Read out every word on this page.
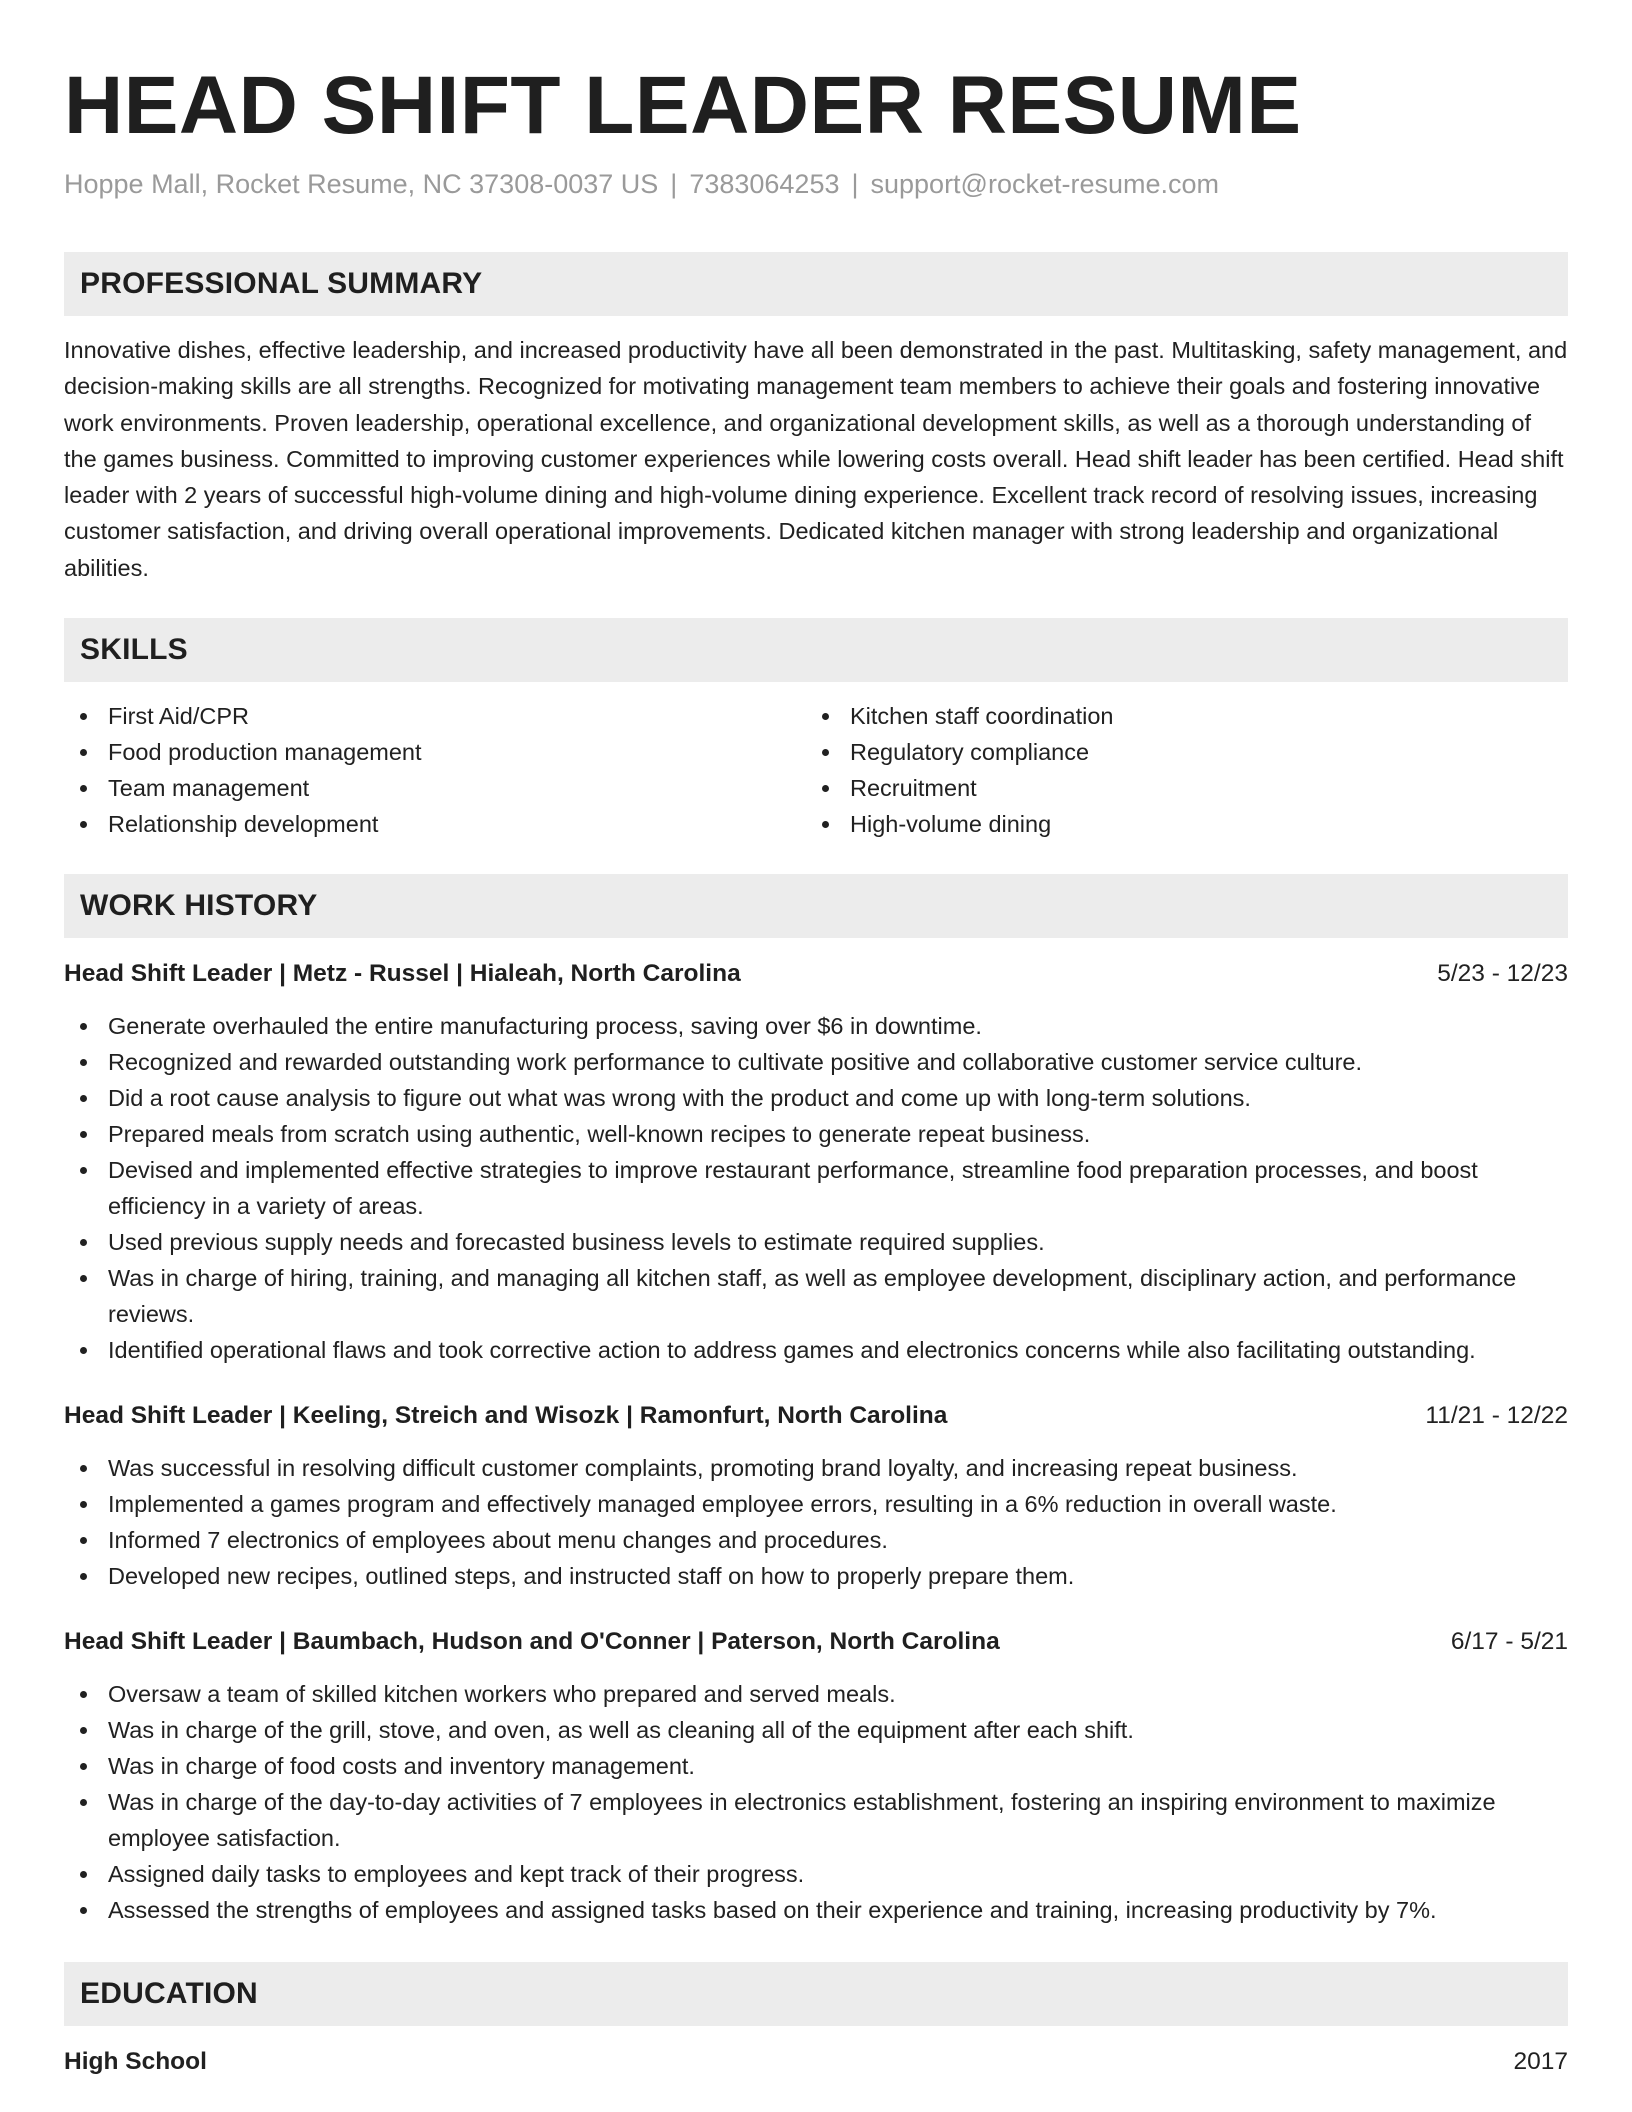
HEAD SHIFT LEADER RESUME
Hoppe Mall, Rocket Resume, NC 37308-0037 US | 7383064253 | support@rocket-resume.com
PROFESSIONAL SUMMARY

Innovative dishes, effective leadership, and increased productivity have all been demonstrated in the past. Multitasking, safety management, and decision-making skills are all strengths. Recognized for motivating management team members to achieve their goals and fostering innovative work environments. Proven leadership, operational excellence, and organizational development skills, as well as a thorough understanding of the games business. Committed to improving customer experiences while lowering costs overall. Head shift leader has been certified. Head shift leader with 2 years of successful high-volume dining and high-volume dining experience. Excellent track record of resolving issues, increasing customer satisfaction, and driving overall operational improvements. Dedicated kitchen manager with strong leadership and organizational abilities.

SKILLS
First Aid/CPR
Food production management
Team management
Relationship development
Kitchen staff coordination
Regulatory compliance
Recruitment
High-volume dining
WORK HISTORY
Head Shift Leader | Metz - Russel | Hialeah, North Carolina	5/23 - 12/23
Generate overhauled the entire manufacturing process, saving over $6 in downtime.
Recognized and rewarded outstanding work performance to cultivate positive and collaborative customer service culture.
Did a root cause analysis to figure out what was wrong with the product and come up with long-term solutions.
Prepared meals from scratch using authentic, well-known recipes to generate repeat business.
Devised and implemented effective strategies to improve restaurant performance, streamline food preparation processes, and boost efficiency in a variety of areas.
Used previous supply needs and forecasted business levels to estimate required supplies.
Was in charge of hiring, training, and managing all kitchen staff, as well as employee development, disciplinary action, and performance reviews.
Identified operational flaws and took corrective action to address games and electronics concerns while also facilitating outstanding.
Head Shift Leader | Keeling, Streich and Wisozk | Ramonfurt, North Carolina	11/21 - 12/22
Was successful in resolving difficult customer complaints, promoting brand loyalty, and increasing repeat business.
Implemented a games program and effectively managed employee errors, resulting in a 6% reduction in overall waste.
Informed 7 electronics of employees about menu changes and procedures.
Developed new recipes, outlined steps, and instructed staff on how to properly prepare them.
Head Shift Leader | Baumbach, Hudson and O'Conner | Paterson, North Carolina	6/17 - 5/21
Oversaw a team of skilled kitchen workers who prepared and served meals.
Was in charge of the grill, stove, and oven, as well as cleaning all of the equipment after each shift.
Was in charge of food costs and inventory management.
Was in charge of the day-to-day activities of 7 employees in electronics establishment, fostering an inspiring environment to maximize employee satisfaction.
Assigned daily tasks to employees and kept track of their progress.
Assessed the strengths of employees and assigned tasks based on their experience and training, increasing productivity by 7%.
EDUCATION
High School	2017
